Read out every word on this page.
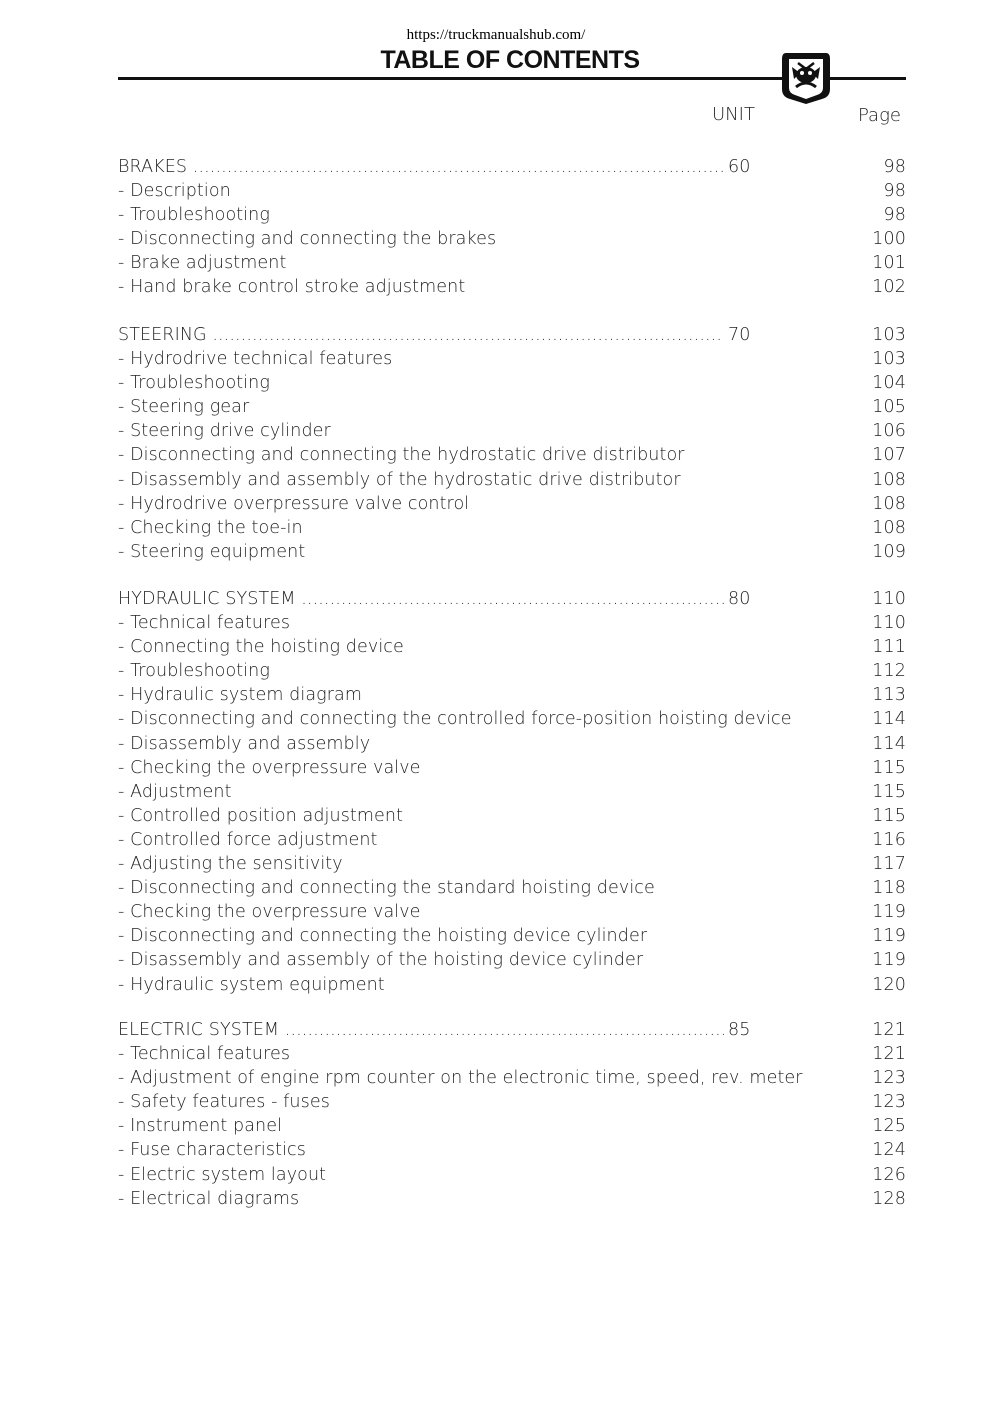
https://truckmanualshub.com/
TABLE OF CONTENTS
UNIT	Page
BRAKES .....	60	98
- Description	98
- Troubleshooting	98
- Disconnecting and connecting the brakes	100
- Brake adjustment	101
- Hand brake control stroke adjustment	102
STEERING .....	70	103
- Hydrodrive technical features	103
- Troubleshooting	104
- Steering gear	105
- Steering drive cylinder	106
- Disconnecting and connecting the hydrostatic drive distributor	107
- Disassembly and assembly of the hydrostatic drive distributor	108
- Hydrodrive overpressure valve control	108
- Checking the toe-in	108
- Steering equipment	109
HYDRAULIC SYSTEM .....	80	110
- Technical features	110
- Connecting the hoisting device	111
- Troubleshooting	112
- Hydraulic system diagram	113
- Disconnecting and connecting the controlled force-position hoisting device	114
- Disassembly and assembly	114
- Checking the overpressure valve	115
- Adjustment	115
- Controlled position adjustment	115
- Controlled force adjustment	116
- Adjusting the sensitivity	117
- Disconnecting and connecting the standard hoisting device	118
- Checking the overpressure valve	119
- Disconnecting and connecting the hoisting device cylinder	119
- Disassembly and assembly of the hoisting device cylinder	119
- Hydraulic system equipment	120
ELECTRIC SYSTEM .....	85	121
- Technical features	121
- Adjustment of engine rpm counter on the electronic time, speed, rev. meter	123
- Safety features - fuses	123
- Instrument panel	125
- Fuse characteristics	124
- Electric system layout	126
- Electrical diagrams	128
